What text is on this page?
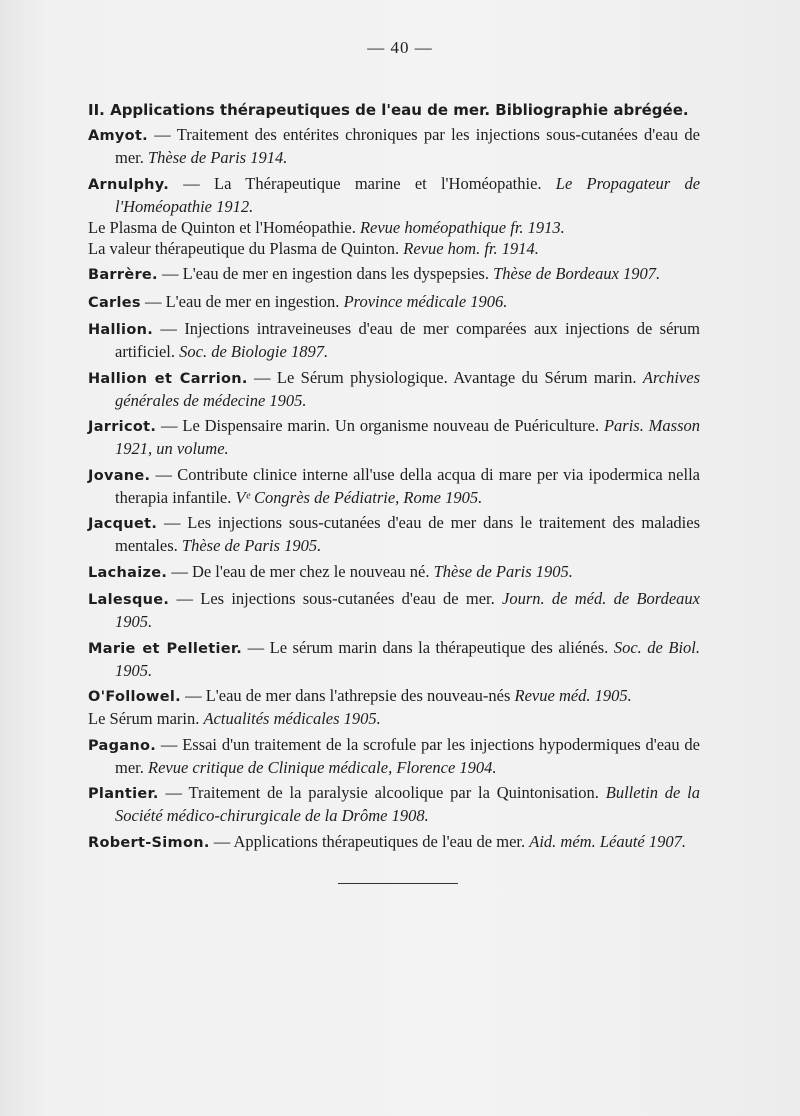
— 40 —
II. Applications thérapeutiques de l'eau de mer. Bibliographie abrégée.
Amyot. — Traitement des entérites chroniques par les injections sous-cutanées d'eau de mer. Thèse de Paris 1914.
Arnulphy. — La Thérapeutique marine et l'Homéopathie. Le Propagateur de l'Homéopathie 1912.
Le Plasma de Quinton et l'Homéopathie. Revue homéopathique fr. 1913.
La valeur thérapeutique du Plasma de Quinton. Revue hom. fr. 1914.
Barrère. — L'eau de mer en ingestion dans les dyspepsies. Thèse de Bordeaux 1907.
Carles — L'eau de mer en ingestion. Province médicale 1906.
Hallion. — Injections intraveineuses d'eau de mer comparées aux injections de sérum artificiel. Soc. de Biologie 1897.
Hallion et Carrion. — Le Sérum physiologique. Avantage du Sérum marin. Archives générales de médecine 1905.
Jarricot. — Le Dispensaire marin. Un organisme nouveau de Puériculture. Paris. Masson 1921, un volume.
Jovane. — Contribute clinice interne all'use della acqua di mare per via ipodermica nella therapia infantile. Vᵉ Congrès de Pédiatrie, Rome 1905.
Jacquet. — Les injections sous-cutanées d'eau de mer dans le traitement des maladies mentales. Thèse de Paris 1905.
Lachaize. — De l'eau de mer chez le nouveau né. Thèse de Paris 1905.
Lalesque. — Les injections sous-cutanées d'eau de mer. Journ. de méd. de Bordeaux 1905.
Marie et Pelletier. — Le sérum marin dans la thérapeutique des aliénés. Soc. de Biol. 1905.
O'Followel. — L'eau de mer dans l'athrepsie des nouveau-nés Revue méd. 1905.
Le Sérum marin. Actualités médicales 1905.
Pagano. — Essai d'un traitement de la scrofule par les injections hypodermiques d'eau de mer. Revue critique de Clinique médicale, Florence 1904.
Plantier. — Traitement de la paralysie alcoolique par la Quintonisation. Bulletin de la Société médico-chirurgicale de la Drôme 1908.
Robert-Simon. — Applications thérapeutiques de l'eau de mer. Aid. mém. Léauté 1907.
